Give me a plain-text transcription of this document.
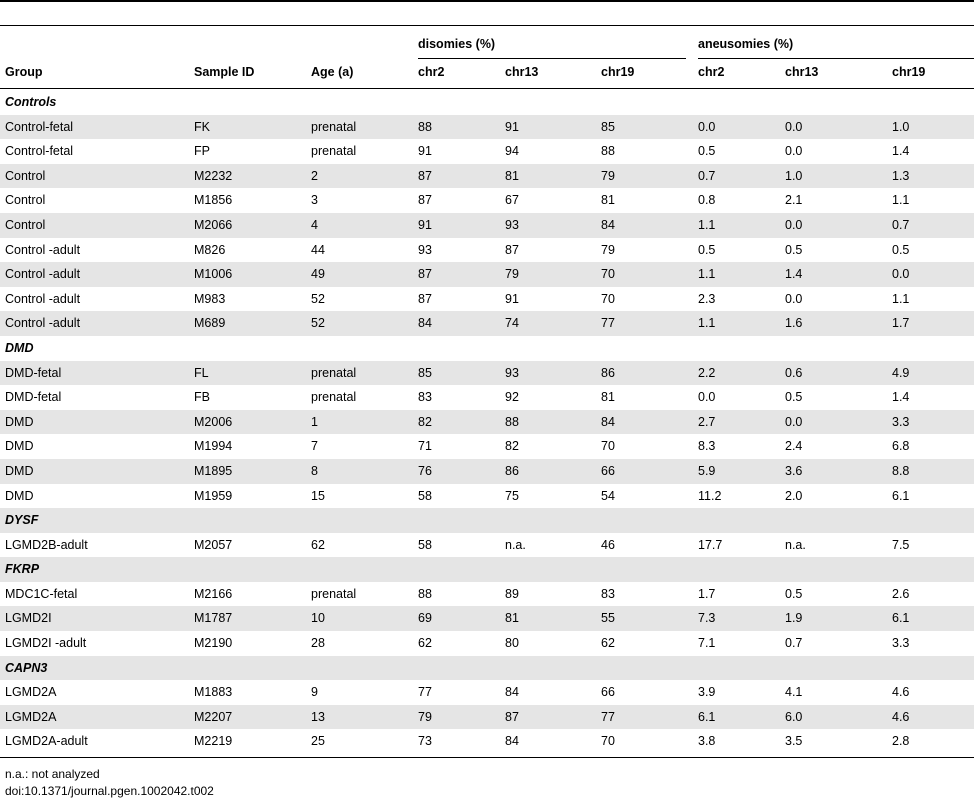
disomies (%)	aneusomies (%)
Group	Sample ID	Age (a)	chr2	chr13	chr19	chr2	chr13	chr19
Controls
Control-fetal	FK	prenatal	88	91	85	0.0	0.0	1.0
Control-fetal	FP	prenatal	91	94	88	0.5	0.0	1.4
Control	M2232	2	87	81	79	0.7	1.0	1.3
Control	M1856	3	87	67	81	0.8	2.1	1.1
Control	M2066	4	91	93	84	1.1	0.0	0.7
Control -adult	M826	44	93	87	79	0.5	0.5	0.5
Control -adult	M1006	49	87	79	70	1.1	1.4	0.0
Control -adult	M983	52	87	91	70	2.3	0.0	1.1
Control -adult	M689	52	84	74	77	1.1	1.6	1.7
DMD
DMD-fetal	FL	prenatal	85	93	86	2.2	0.6	4.9
DMD-fetal	FB	prenatal	83	92	81	0.0	0.5	1.4
DMD	M2006	1	82	88	84	2.7	0.0	3.3
DMD	M1994	7	71	82	70	8.3	2.4	6.8
DMD	M1895	8	76	86	66	5.9	3.6	8.8
DMD	M1959	15	58	75	54	11.2	2.0	6.1
DYSF
LGMD2B-adult	M2057	62	58	n.a.	46	17.7	n.a.	7.5
FKRP
MDC1C-fetal	M2166	prenatal	88	89	83	1.7	0.5	2.6
LGMD2I	M1787	10	69	81	55	7.3	1.9	6.1
LGMD2I -adult	M2190	28	62	80	62	7.1	0.7	3.3
CAPN3
LGMD2A	M1883	9	77	84	66	3.9	4.1	4.6
LGMD2A	M2207	13	79	87	77	6.1	6.0	4.6
LGMD2A-adult	M2219	25	73	84	70	3.8	3.5	2.8
n.a.: not analyzed
doi:10.1371/journal.pgen.1002042.t002
